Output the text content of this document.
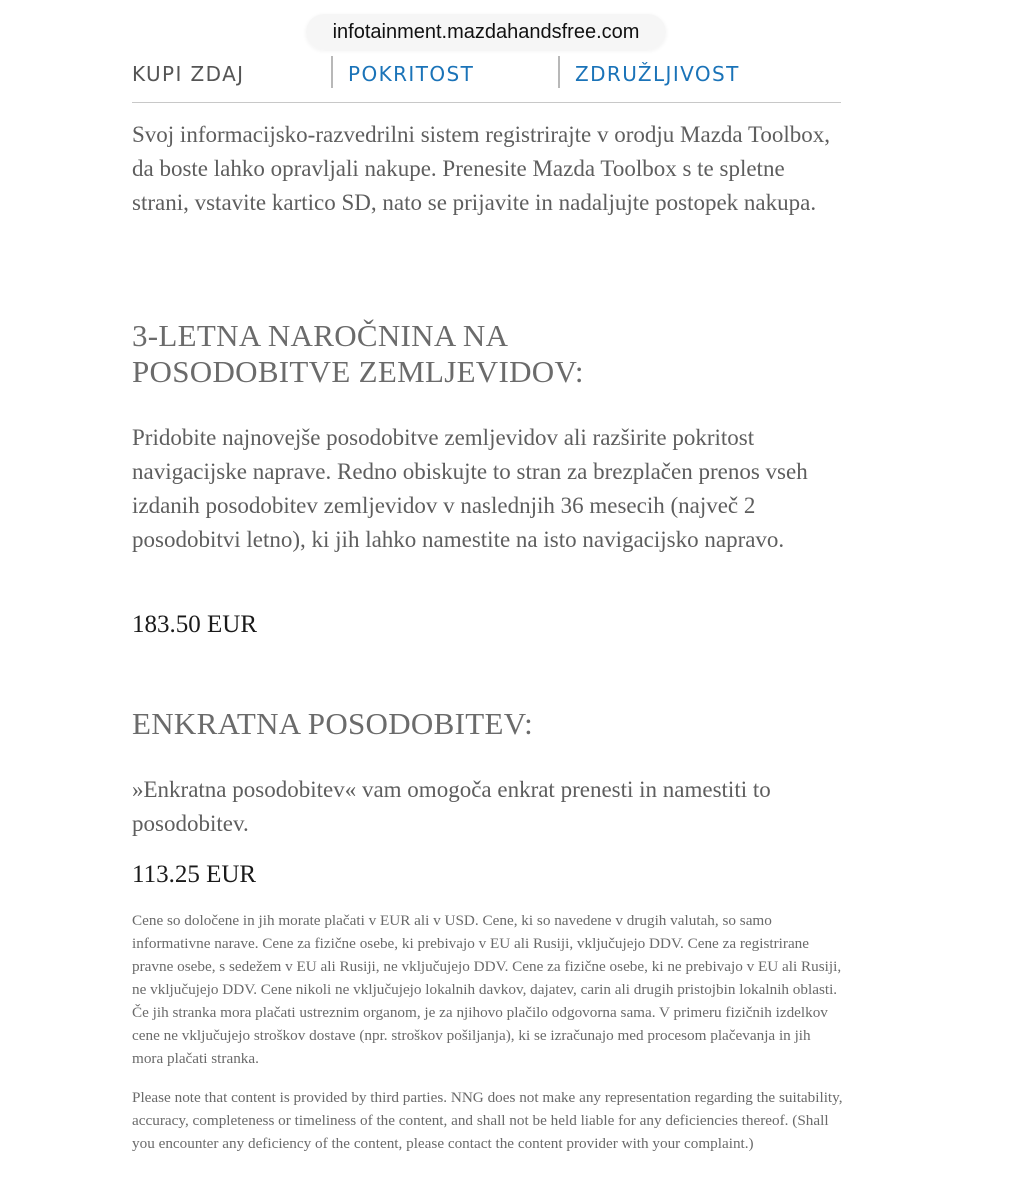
infotainment.mazdahandsfree.com
KUPI ZDAJ	POKRITOST	ZDRUŽLJIVOST

Svoj informacijsko-razvedrilni sistem registrirajte v orodju Mazda Toolbox, da boste lahko opravljali nakupe. Prenesite Mazda Toolbox s te spletne strani, vstavite kartico SD, nato se prijavite in nadaljujte postopek nakupa.

3-LETNA NAROČNINA NA POSODOBITVE ZEMLJEVIDOV:

Pridobite najnovejše posodobitve zemljevidov ali razširite pokritost navigacijske naprave. Redno obiskujte to stran za brezplačen prenos vseh izdanih posodobitev zemljevidov v naslednjih 36 mesecih (največ 2 posodobitvi letno), ki jih lahko namestite na isto navigacijsko napravo.

183.50 EUR
ENKRATNA POSODOBITEV:

»Enkratna posodobitev« vam omogoča enkrat prenesti in namestiti to posodobitev.

113.25 EUR

Cene so določene in jih morate plačati v EUR ali v USD. Cene, ki so navedene v drugih valutah, so samo informativne narave. Cene za fizične osebe, ki prebivajo v EU ali Rusiji, vključujejo DDV. Cene za registrirane pravne osebe, s sedežem v EU ali Rusiji, ne vključujejo DDV. Cene za fizične osebe, ki ne prebivajo v EU ali Rusiji, ne vključujejo DDV. Cene nikoli ne vključujejo lokalnih davkov, dajatev, carin ali drugih pristojbin lokalnih oblasti. Če jih stranka mora plačati ustreznim organom, je za njihovo plačilo odgovorna sama. V primeru fizičnih izdelkov cene ne vključujejo stroškov dostave (npr. stroškov pošiljanja), ki se izračunajo med procesom plačevanja in jih mora plačati stranka.

Please note that content is provided by third parties. NNG does not make any representation regarding the suitability, accuracy, completeness or timeliness of the content, and shall not be held liable for any deficiencies thereof. (Shall you encounter any deficiency of the content, please contact the content provider with your complaint.)
